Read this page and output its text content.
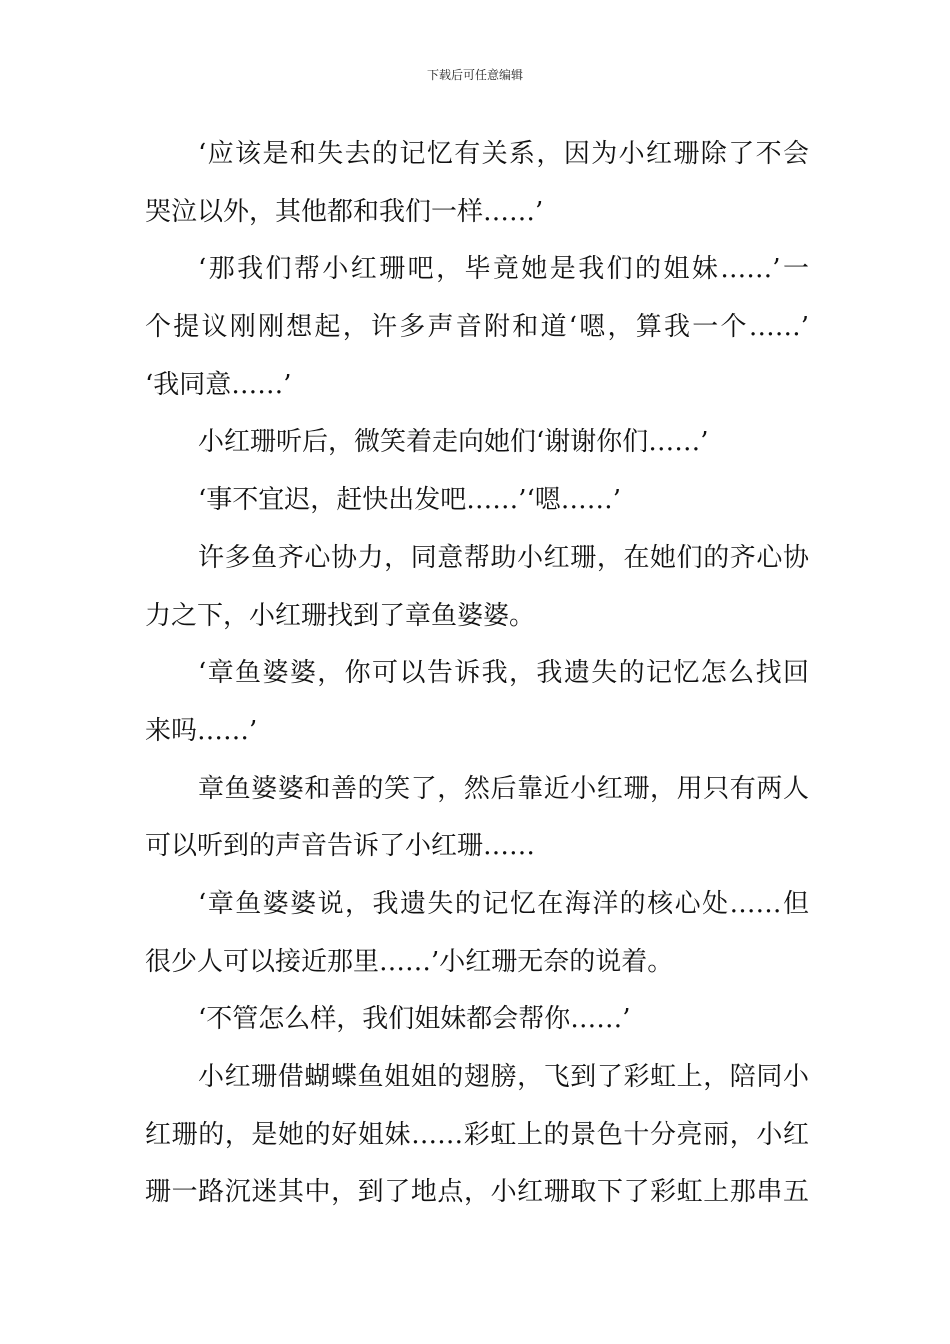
下载后可任意编辑
‘应该是和失去的记忆有关系，因为小红珊除了不会
哭泣以外，其他都和我们一样……’
‘那我们帮小红珊吧，毕竟她是我们的姐妹……’一
个提议刚刚想起，许多声音附和道‘嗯，算我一个……’
‘我同意……’
小红珊听后，微笑着走向她们‘谢谢你们……’
‘事不宜迟，赶快出发吧……’‘嗯……’
许多鱼齐心协力，同意帮助小红珊，在她们的齐心协
力之下，小红珊找到了章鱼婆婆。
‘章鱼婆婆，你可以告诉我，我遗失的记忆怎么找回
来吗……’
章鱼婆婆和善的笑了，然后靠近小红珊，用只有两人
可以听到的声音告诉了小红珊……
‘章鱼婆婆说，我遗失的记忆在海洋的核心处……但
很少人可以接近那里……’小红珊无奈的说着。
‘不管怎么样，我们姐妹都会帮你……’
小红珊借蝴蝶鱼姐姐的翅膀，飞到了彩虹上，陪同小
红珊的，是她的好姐妹……彩虹上的景色十分亮丽，小红
珊一路沉迷其中，到了地点，小红珊取下了彩虹上那串五
